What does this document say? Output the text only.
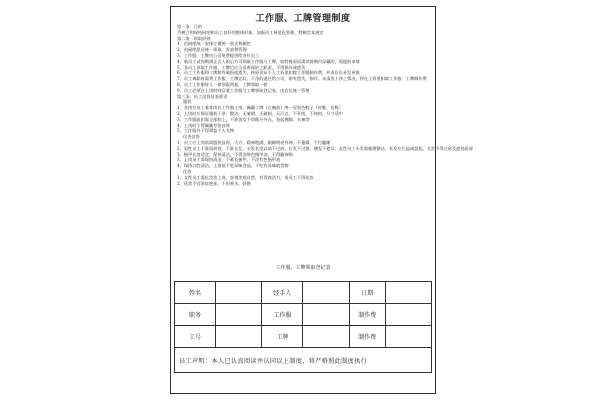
工作服、工牌管理制度
第一条：目的
为树立和保持网吧和员工良好的整体形象，加强员工规范化管理，特制定本规定
第二条：领取原则
1、由网吧统一安排订做统一款式和颜色
2、由网吧派员统一领取、发放和管理
3、工作服、工牌由公司免费提供给各位员工
4、新员工试岗期满正式入职后方可领取工作服与工牌，如特殊原因需试岗期内穿戴的，需提前申请
5、各员工领取工作服、工牌后应当妥善保护之职责，不得损坏或遗失
6、员工工作服和工牌如有破损或遗失，按原价从个人工资里扣除工作服制作费，并由店长补发更换
7、员工离职时需将工作服、工牌完好，干净的退还给公司，如有遗失，损坏，未清洗干净之情况，将在工资里扣除工作服、工牌制作费
8、员工工作服每人一律领取两套，工牌领取一套
9、员工必须在上岗时间穿着工作服与工牌领取登记表，由店长统一管理
第三条：员工仪容仪表要求
服装
1、各岗位员工着本岗位工作服上岗，佩戴工牌（左胸前）统一穿黑色鞋子（皮鞋、布鞋）
2、上岗时应保证服装干净、整洁，无皱褶、无破损、无污点、不开线、不掉扣，尺寸适中
3、工作服纽扣需全部扣上，不准男女不得敞开外衣，卷起裤脚、衣袖等
4、上岗时不得佩戴夸张首饰
5、工作服外不得罩盖个人衣物
仪表仪容
1、员工应上岗前需服装仪容，大方、精神饱满，眼睛明亮有神，不萎靡，不打瞌睡
2、男性员工不准留胡须，不准长发，头发长度以前不过眉，后发不过领，侧发不遮耳；女性员工头发需梳理整洁，长发应扎起或盘起，头发不得过肩及遮挡面部
3、指甲长度适宜，保持清洁，不得涂带色指甲油，不得戴饰物
3、上岗员工需保持清洁，不蓄长指甲，不涂有色指甲油
4、保持口腔清洁，上岗前不吃异味食品，不吃有异味的食物
化妆
1、女性员工需化淡妆上岗，容貌美观自然，有青春活力，男员工不得化妆
2、化妆不宜浓妆艳抹，不用香水，妖艳
工作服、工牌领取登记表
姓名		经手人		日期	
职务		工作服		制作费	
工号		工牌		制作费	
员工声明：本人已认真阅读并认同以上制度，将严格照此制度执行					
